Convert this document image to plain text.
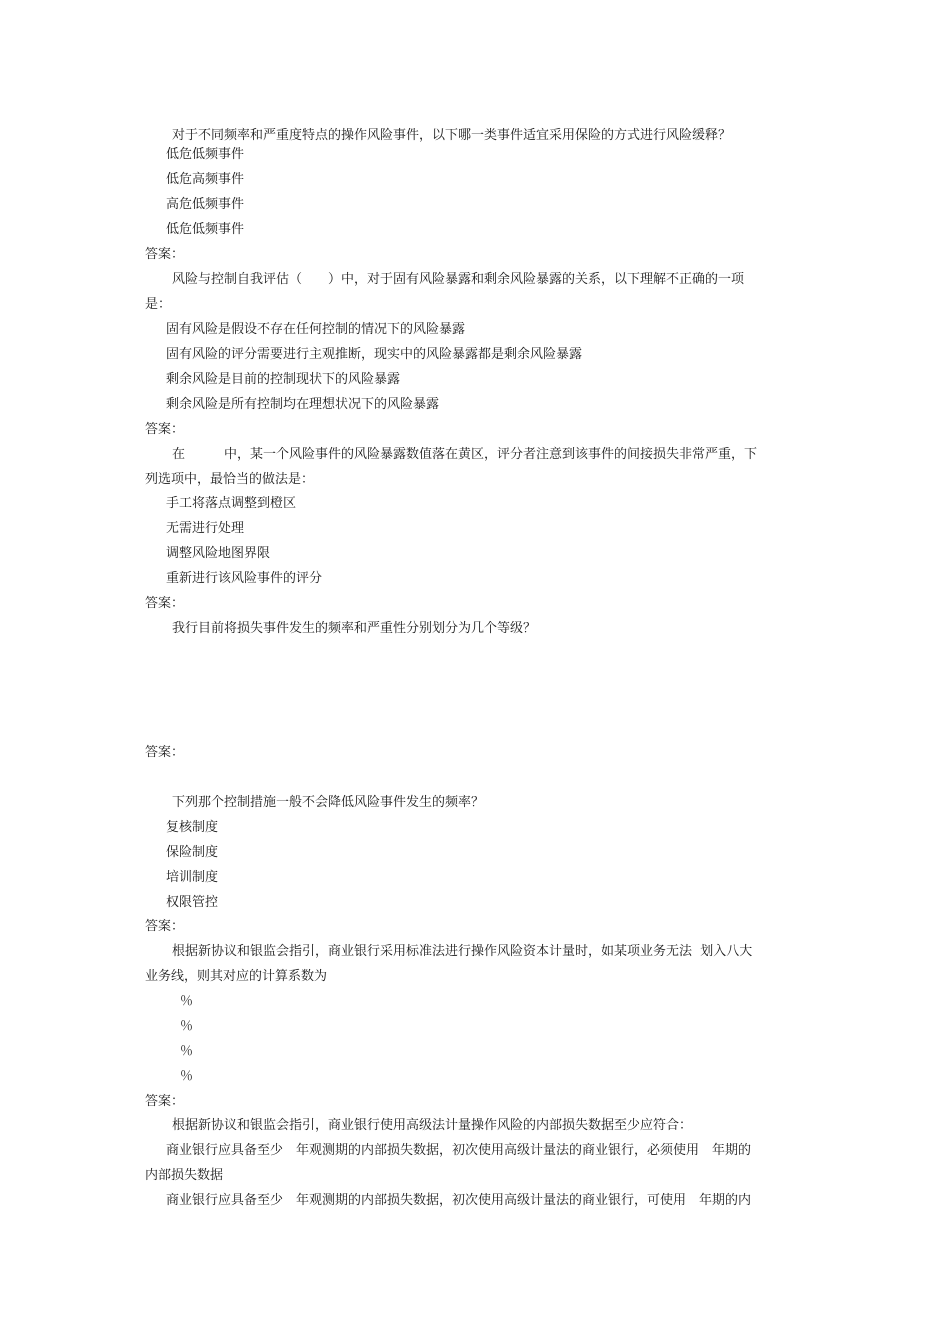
对于不同频率和严重度特点的操作风险事件，以下哪一类事件适宜采用保险的方式进行风险缓释？
低危低频事件
低危高频事件
高危低频事件
低危低频事件
答案：
风险与控制自我评估（　　）中，对于固有风险暴露和剩余风险暴露的关系，以下理解不正确的一项
是：
固有风险是假设不存在任何控制的情况下的风险暴露
固有风险的评分需要进行主观推断，现实中的风险暴露都是剩余风险暴露
剩余风险是目前的控制现状下的风险暴露
剩余风险是所有控制均在理想状况下的风险暴露
答案：
在　　　中，某一个风险事件的风险暴露数值落在黄区，评分者注意到该事件的间接损失非常严重，下
列选项中，最恰当的做法是：
手工将落点调整到橙区
无需进行处理
调整风险地图界限
重新进行该风险事件的评分
答案：
我行目前将损失事件发生的频率和严重性分别划分为几个等级？
答案：
下列那个控制措施一般不会降低风险事件发生的频率？
复核制度
保险制度
培训制度
权限管控
答案：
根据新协议和银监会指引，商业银行采用标准法进行操作风险资本计量时，如某项业务无法  划入八大
业务线，则其对应的计算系数为
％
％
％
％
答案：
根据新协议和银监会指引，商业银行使用高级法计量操作风险的内部损失数据至少应符合：
商业银行应具备至少　年观测期的内部损失数据，初次使用高级计量法的商业银行，必须使用　年期的
内部损失数据
商业银行应具备至少　年观测期的内部损失数据，初次使用高级计量法的商业银行，可使用　年期的内
